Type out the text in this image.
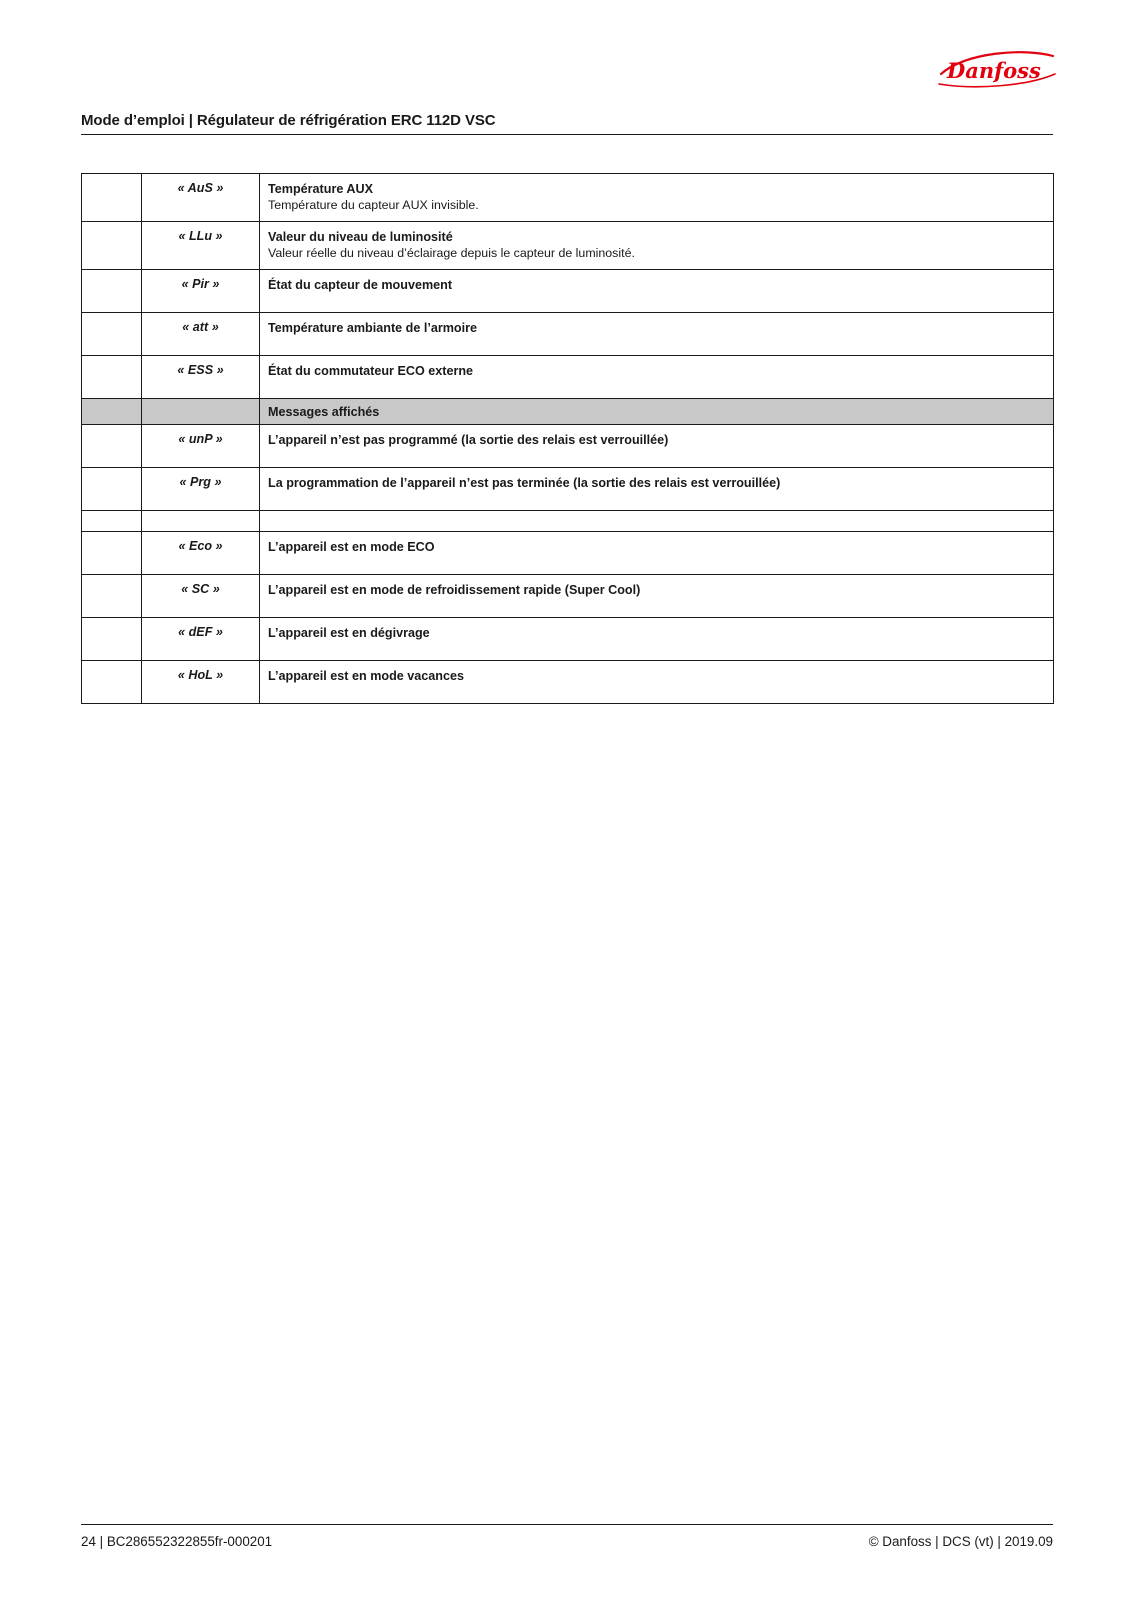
Danfoss
Mode d’emploi | Régulateur de réfrigération ERC 112D VSC
	« AuS »	Température AUX
Température du capteur AUX invisible.

	« LLu »	Valeur du niveau de luminosité
Valeur réelle du niveau d’éclairage depuis le capteur de luminosité.

	« Pir »	État du capteur de mouvement

	« att »	Température ambiante de l’armoire

	« ESS »	État du commutateur ECO externe

		Messages affichés

	« unP »	L’appareil n’est pas programmé (la sortie des relais est verrouillée)

	« Prg »	La programmation de l’appareil n’est pas terminée (la sortie des relais est verrouillée)

	« Eco »	L’appareil est en mode ECO

	« SC »	L’appareil est en mode de refroidissement rapide (Super Cool)

	« dEF »	L’appareil est en dégivrage

	« HoL »	L’appareil est en mode vacances
24 | BC286552322855fr-000201	© Danfoss | DCS (vt) | 2019.09
